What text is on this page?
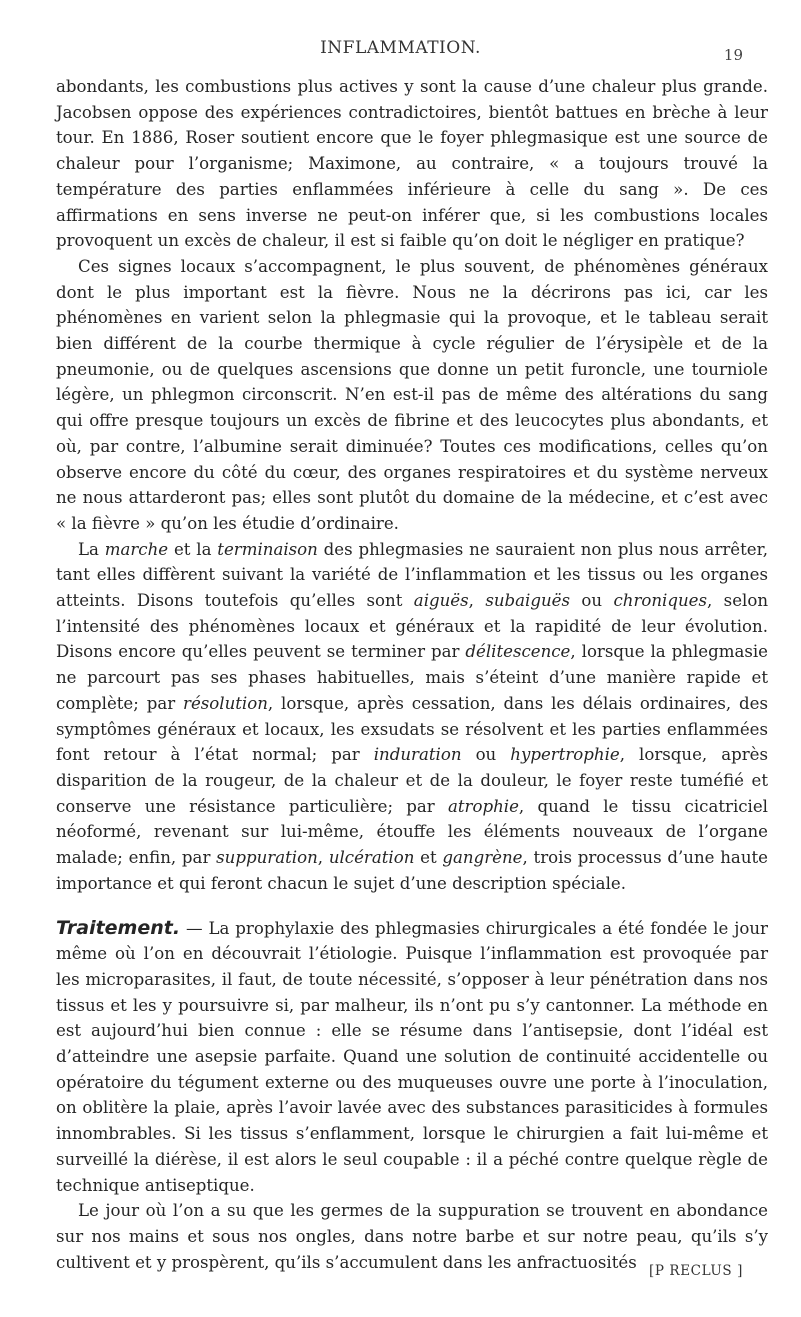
INFLAMMATION.	19

abondants, les combustions plus actives y sont la cause d’une chaleur plus grande. Jacobsen oppose des expériences contradictoires, bientôt battues en brèche à leur tour. En 1886, Roser soutient encore que le foyer phlegmasique est une source de chaleur pour l’organisme; Maximone, au contraire, « a toujours trouvé la température des parties enflammées inférieure à celle du sang ». De ces affirmations en sens inverse ne peut-on inférer que, si les combustions locales provoquent un excès de chaleur, il est si faible qu’on doit le négliger en pratique?

Ces signes locaux s’accompagnent, le plus souvent, de phénomènes généraux dont le plus important est la fièvre. Nous ne la décrirons pas ici, car les phénomènes en varient selon la phlegmasie qui la provoque, et le tableau serait bien différent de la courbe thermique à cycle régulier de l’érysipèle et de la pneumonie, ou de quelques ascensions que donne un petit furoncle, une tourniole légère, un phlegmon circonscrit. N’en est-il pas de même des altérations du sang qui offre presque toujours un excès de fibrine et des leucocytes plus abondants, et où, par contre, l’albumine serait diminuée? Toutes ces modifications, celles qu’on observe encore du côté du cœur, des organes respiratoires et du système nerveux ne nous attarderont pas; elles sont plutôt du domaine de la médecine, et c’est avec « la fièvre » qu’on les étudie d’ordinaire.

La marche et la terminaison des phlegmasies ne sauraient non plus nous arrêter, tant elles diffèrent suivant la variété de l’inflammation et les tissus ou les organes atteints. Disons toutefois qu’elles sont aiguës, subaiguës ou chroniques, selon l’intensité des phénomènes locaux et généraux et la rapidité de leur évolution. Disons encore qu’elles peuvent se terminer par délitescence, lorsque la phlegmasie ne parcourt pas ses phases habituelles, mais s’éteint d’une manière rapide et complète; par résolution, lorsque, après cessation, dans les délais ordinaires, des symptômes généraux et locaux, les exsudats se résolvent et les parties enflammées font retour à l’état normal; par induration ou hypertrophie, lorsque, après disparition de la rougeur, de la chaleur et de la douleur, le foyer reste tuméfié et conserve une résistance particulière; par atrophie, quand le tissu cicatriciel néoformé, revenant sur lui-même, étouffe les éléments nouveaux de l’organe malade; enfin, par suppuration, ulcération et gangrène, trois processus d’une haute importance et qui feront chacun le sujet d’une description spéciale.

Traitement. — La prophylaxie des phlegmasies chirurgicales a été fondée le jour même où l’on en découvrait l’étiologie. Puisque l’inflammation est provoquée par les microparasites, il faut, de toute nécessité, s’opposer à leur pénétration dans nos tissus et les y poursuivre si, par malheur, ils n’ont pu s’y cantonner. La méthode en est aujourd’hui bien connue : elle se résume dans l’antisepsie, dont l’idéal est d’atteindre une asepsie parfaite. Quand une solution de continuité accidentelle ou opératoire du tégument externe ou des muqueuses ouvre une porte à l’inoculation, on oblitère la plaie, après l’avoir lavée avec des substances parasiticides à formules innombrables. Si les tissus s’enflamment, lorsque le chirurgien a fait lui-même et surveillé la diérèse, il est alors le seul coupable : il a péché contre quelque règle de technique antiseptique.

Le jour où l’on a su que les germes de la suppuration se trouvent en abondance sur nos mains et sous nos ongles, dans notre barbe et sur notre peau, qu’ils s’y cultivent et y prospèrent, qu’ils s’accumulent dans les anfractuosités [P RECLUS ]
